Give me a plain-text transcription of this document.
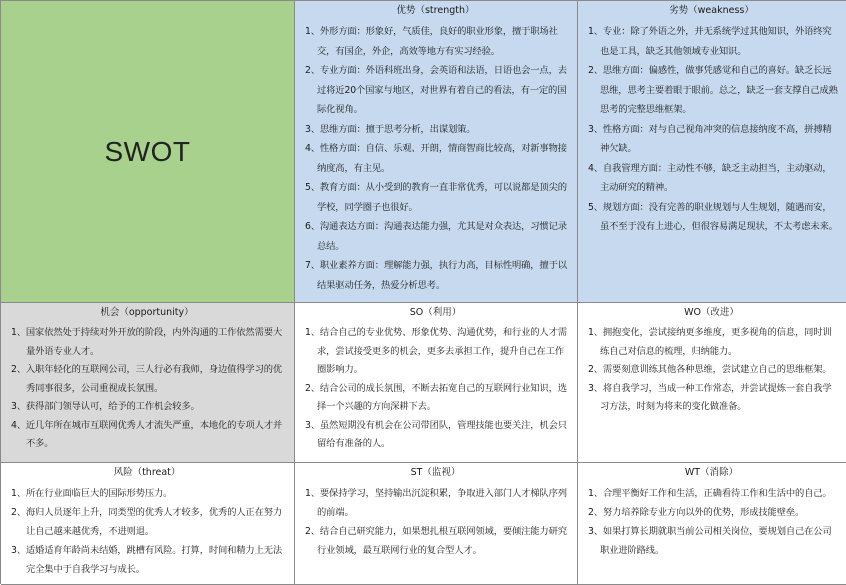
SWOT
优势（strength）
1、外形方面：形象好，气质佳，良好的职业形象，擅于职场社交，有国企，外企，高效等地方有实习经验。
2、专业方面：外语科班出身，会英语和法语，日语也会一点，去过将近20个国家与地区，对世界有着自己的看法，有一定的国际化视角。
3、思维方面：擅于思考分析，出谋划策。
4、性格方面：自信、乐观、开朗，情商智商比较高，对新事物接纳度高，有主见。
5、教育方面：从小受到的教育一直非常优秀，可以说都是顶尖的学校，同学圈子也很好。
6、沟通表达方面：沟通表达能力强，尤其是对众表达，习惯记录总结。
7、职业素养方面：理解能力强，执行力高，目标性明确，擅于以结果驱动任务，热爱分析思考。
劣势（weakness）
1、专业：除了外语之外，并无系统学过其他知识，外语终究也是工具，缺乏其他领域专业知识。
2、思维方面：偏感性，做事凭感觉和自己的喜好。缺乏长远思维，思考主要着眼于眼前。总之，缺乏一套支撑自己成熟思考的完整思维框架。
3、性格方面：对与自己视角冲突的信息接纳度不高，拼搏精神欠缺。
4、自我管理方面：主动性不够，缺乏主动担当，主动驱动，主动研究的精神。
5、规划方面：没有完善的职业规划与人生规划，随遇而安，虽不至于没有上进心，但很容易满足现状，不太考虑未来。
机会（opportunity）
1、国家依然处于持续对外开放的阶段，内外沟通的工作依然需要大量外语专业人才。
2、入职年轻化的互联网公司，三人行必有我师，身边值得学习的优秀同事很多，公司重视成长氛围。
3、获得部门领导认可，给予的工作机会较多。
4、近几年所在城市互联网优秀人才流失严重，本地化的专项人才并不多。
SO（利用）
1、结合自己的专业优势、形象优势、沟通优势，和行业的人才需求，尝试接受更多的机会，更多去承担工作，提升自己在工作圈影响力。
2、结合公司的成长氛围，不断去拓宽自己的互联网行业知识，选择一个兴趣的方向深耕下去。
3、虽然短期没有机会在公司带团队，管理技能也要关注，机会只留给有准备的人。
WO（改进）
1、拥抱变化，尝试接纳更多维度，更多视角的信息，同时训练自己对信息的梳理，归纳能力。
2、需要刻意训练其他各种思维，尝试建立自己的思维框架。
3、将自我学习，当成一种工作常态，并尝试提炼一套自我学习方法，时刻为将来的变化做准备。
风险（threat）
1、所在行业面临巨大的国际形势压力。
2、海归人员逐年上升，同类型的优秀人才较多，优秀的人正在努力让自己越来越优秀，不进则退。
3、适婚适育年龄尚未结婚，跳槽有风险。打算，时间和精力上无法完全集中于自我学习与成长。
ST（监视）
1、要保持学习，坚持输出沉淀积累，争取进入部门人才梯队序列的前端。
2、结合自己研究能力，如果想扎根互联网领域，要倾注能力研究行业领域，最互联网行业的复合型人才。
WT（消除）
1、合理平衡好工作和生活，正确看待工作和生活中的自己。
2、努力培养除专业方向以外的优势，形成技能壁垒。
3、如果打算长期就职当前公司相关岗位，要规划自己在公司职业进阶路线。
